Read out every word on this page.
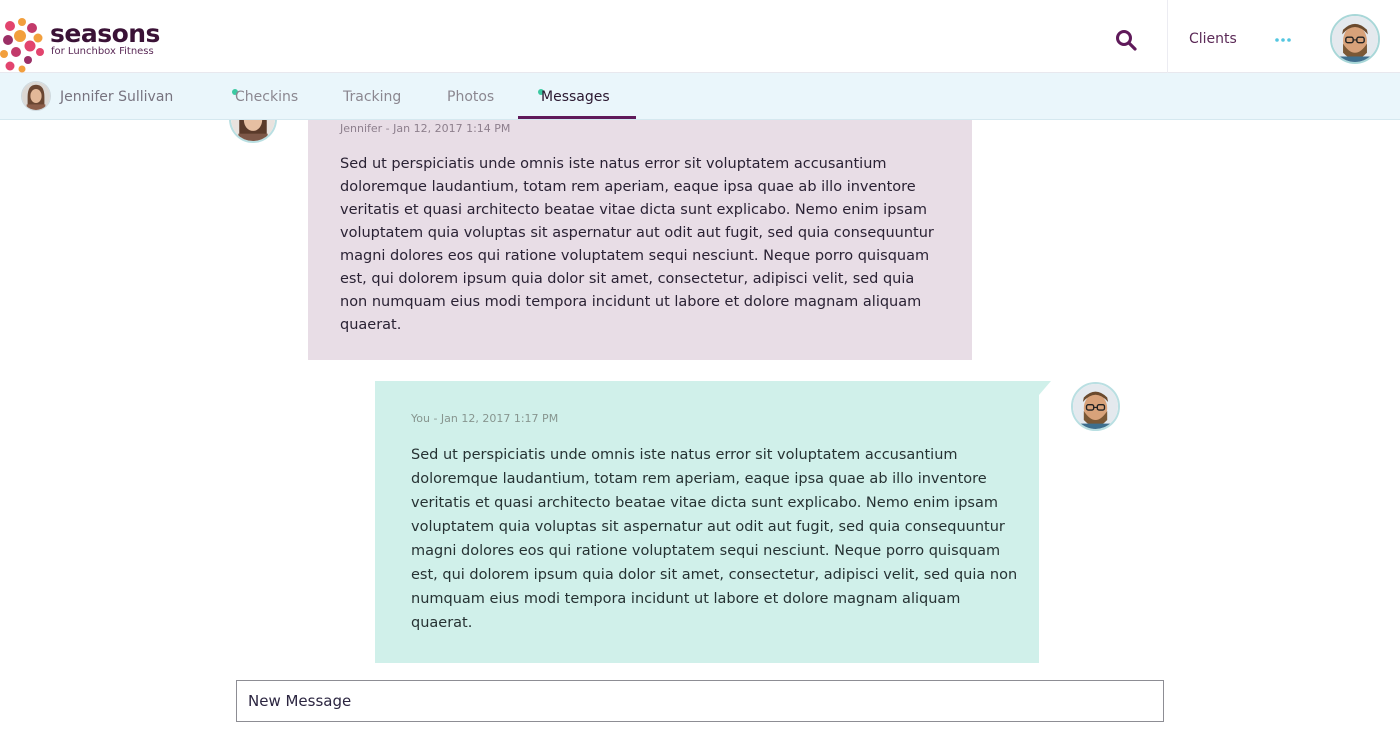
seasons
for Lunchbox Fitness
Clients
Jennifer Sullivan	Checkins	Tracking	Photos	Messages
Jennifer - Jan 12, 2017 1:14 PM
Sed ut perspiciatis unde omnis iste natus error sit voluptatem accusantium doloremque laudantium, totam rem aperiam, eaque ipsa quae ab illo inventore veritatis et quasi architecto beatae vitae dicta sunt explicabo. Nemo enim ipsam voluptatem quia voluptas sit aspernatur aut odit aut fugit, sed quia consequuntur magni dolores eos qui ratione voluptatem sequi nesciunt. Neque porro quisquam est, qui dolorem ipsum quia dolor sit amet, consectetur, adipisci velit, sed quia non numquam eius modi tempora incidunt ut labore et dolore magnam aliquam quaerat.
You - Jan 12, 2017 1:17 PM
Sed ut perspiciatis unde omnis iste natus error sit voluptatem accusantium doloremque laudantium, totam rem aperiam, eaque ipsa quae ab illo inventore veritatis et quasi architecto beatae vitae dicta sunt explicabo. Nemo enim ipsam voluptatem quia voluptas sit aspernatur aut odit aut fugit, sed quia consequuntur magni dolores eos qui ratione voluptatem sequi nesciunt. Neque porro quisquam est, qui dolorem ipsum quia dolor sit amet, consectetur, adipisci velit, sed quia non numquam eius modi tempora incidunt ut labore et dolore magnam aliquam quaerat.
New Message
